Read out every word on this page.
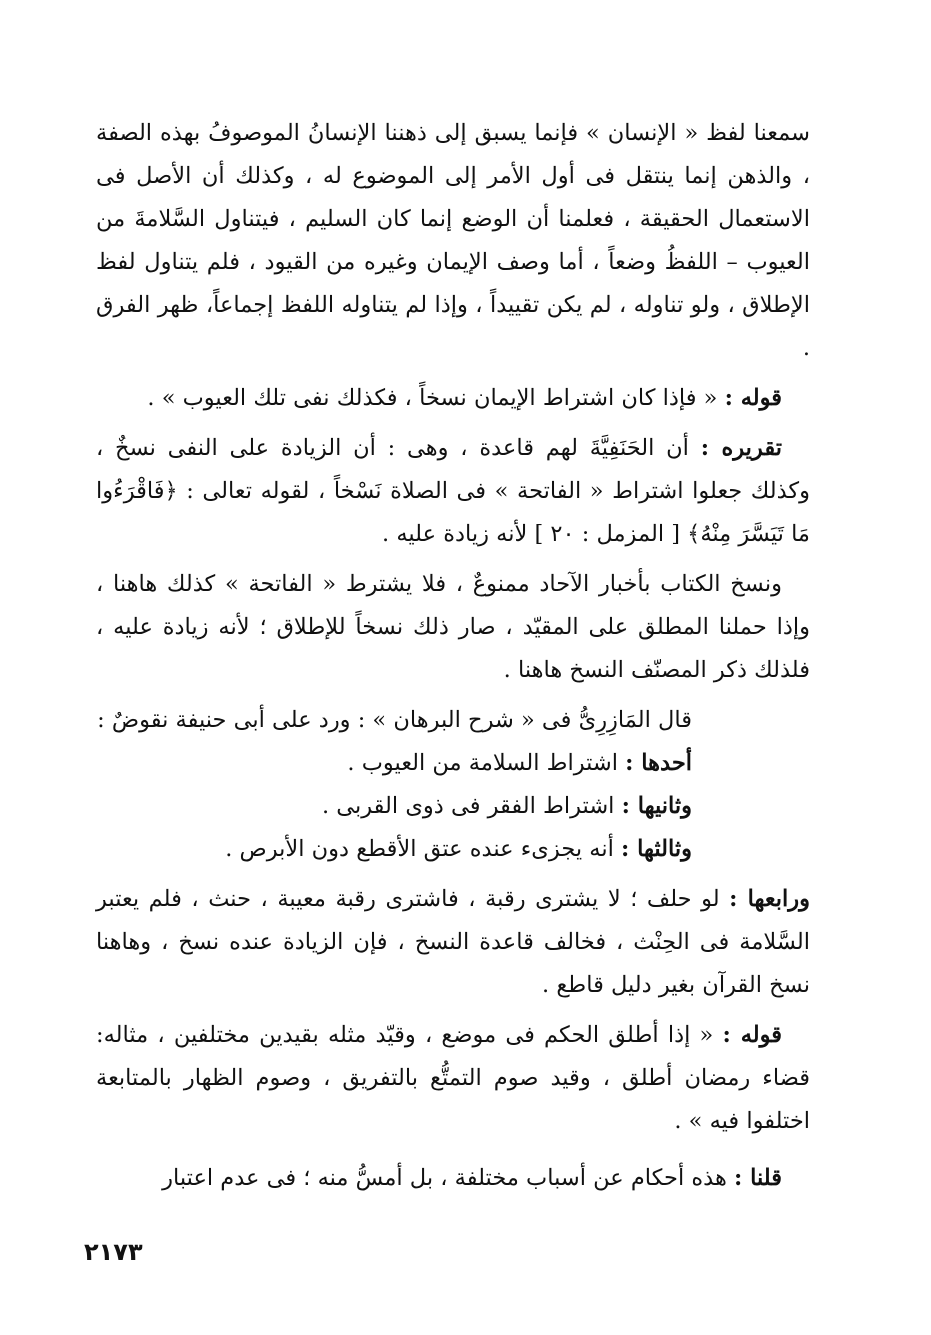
سمعنا لفظ « الإنسان » فإنما يسبق إلى ذهننا الإنسانُ الموصوفُ بهذه الصفة ، والذهن إنما ينتقل فى أول الأمر إلى الموضوع له ، وكذلك أن الأصل فى الاستعمال الحقيقة ، فعلمنا أن الوضع إنما كان السليم ، فيتناول السَّلامةَ من العيوب – اللفظُ وضعاً ، أما وصف الإيمان وغيره من القيود ، فلم يتناول لفظ الإطلاق ، ولو تناوله ، لم يكن تقييداً ، وإذا لم يتناوله اللفظ إجماعاً، ظهر الفرق .

قوله : « فإذا كان اشتراط الإيمان نسخاً ، فكذلك نفى تلك العيوب » .

تقريره : أن الحَنَفِيَّةَ لهم قاعدة ، وهى : أن الزيادة على النفى نسخٌ ، وكذلك جعلوا اشتراط « الفاتحة » فى الصلاة نَسْخاً ، لقوله تعالى : ﴿فَاقْرَءُوا مَا تَيَسَّرَ مِنْهُ﴾ [ المزمل : ٢٠ ] لأنه زيادة عليه .

ونسخ الكتاب بأخبار الآحاد ممنوعٌ ، فلا يشترط « الفاتحة » كذلك هاهنا ، وإذا حملنا المطلق على المقيّد ، صار ذلك نسخاً للإطلاق ؛ لأنه زيادة عليه ، فلذلك ذكر المصنّف النسخ هاهنا .

قال المَازِرِىُّ فى « شرح البرهان » : ورد على أبى حنيفة نقوضٌ :

أحدها : اشتراط السلامة من العيوب .

وثانيها : اشتراط الفقر فى ذوى القربى .

وثالثها : أنه يجزىء عنده عتق الأقطع دون الأبرص .

ورابعها : لو حلف ؛ لا يشترى رقبة ، فاشترى رقبة معيبة ، حنث ، فلم يعتبر السَّلامة فى الحِنْث ، فخالف قاعدة النسخ ، فإن الزيادة عنده نسخ ، وهاهنا نسخ القرآن بغير دليل قاطع .

قوله : « إذا أطلق الحكم فى موضع ، وقيّد مثله بقيدين مختلفين ، مثاله: قضاء رمضان أطلق ، وقيد صوم التمتُّع بالتفريق ، وصوم الظهار بالمتابعة اختلفوا فيه » .

قلنا : هذه أحكام عن أسباب مختلفة ، بل أمسُّ منه ؛ فى عدم اعتبار

٢١٧٣
